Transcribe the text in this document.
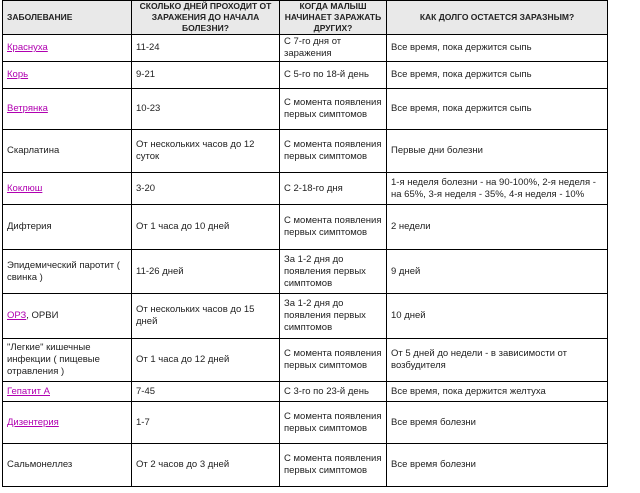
ЗАБОЛЕВАНИЕ	СКОЛЬКО ДНЕЙ ПРОХОДИТ ОТ ЗАРАЖЕНИЯ ДО НАЧАЛА БОЛЕЗНИ?	КОГДА МАЛЫШ НАЧИНАЕТ ЗАРАЖАТЬ ДРУГИХ?	КАК ДОЛГО ОСТАЕТСЯ ЗАРАЗНЫМ?
Краснуха	11-24	С 7-го дня от заражения	Все время, пока держится сыпь
Корь	9-21	С 5-го по 18-й день	Все время, пока держится сыпь
Ветрянка	10-23	С момента появления первых симптомов	Все время, пока держится сыпь
Скарлатина	От нескольких часов до 12 суток	С момента появления первых симптомов	Первые дни болезни
Коклюш	3-20	С 2-18-го дня	1-я неделя болезни - на 90-100%, 2-я неделя - на 65%, 3-я неделя - 35%, 4-я неделя - 10%
Дифтерия	От 1 часа до 10 дней	С момента появления первых симптомов	2 недели
Эпидемический паротит ( свинка )	11-26 дней	За 1-2 дня до появления первых симптомов	9 дней
ОРЗ, ОРВИ	От нескольких часов до 15 дней	За 1-2 дня до появления первых симптомов	10 дней
"Легкие" кишечные инфекции ( пищевые отравления )	От 1 часа до 12 дней	С момента появления первых симптомов	От 5 дней до недели - в зависимости от возбудителя
Гепатит А	7-45	С 3-го по 23-й день	Все время, пока держится желтуха
Дизентерия	1-7	С момента появления первых симптомов	Все время болезни
Сальмонеллез	От 2 часов до 3 дней	С момента появления первых симптомов	Все время болезни
